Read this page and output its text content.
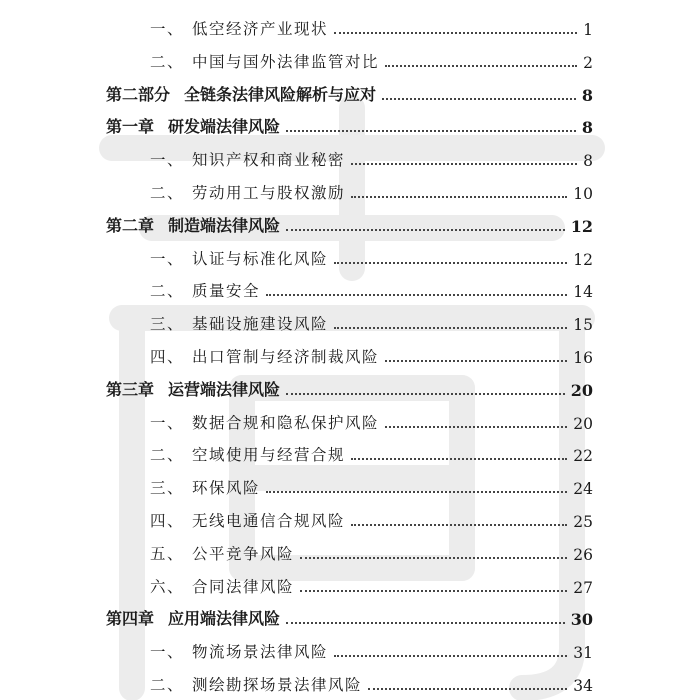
一、 低空经济产业现状	1
二、 中国与国外法律监管对比	2
第二部分 全链条法律风险解析与应对	8
第一章 研发端法律风险	8
一、 知识产权和商业秘密	8
二、 劳动用工与股权激励	10
第二章 制造端法律风险	12
一、 认证与标准化风险	12
二、 质量安全	14
三、 基础设施建设风险	15
四、 出口管制与经济制裁风险	16
第三章 运营端法律风险	20
一、 数据合规和隐私保护风险	20
二、 空域使用与经营合规	22
三、 环保风险	24
四、 无线电通信合规风险	25
五、 公平竞争风险	26
六、 合同法律风险	27
第四章 应用端法律风险	30
一、 物流场景法律风险	31
二、 测绘勘探场景法律风险	34
